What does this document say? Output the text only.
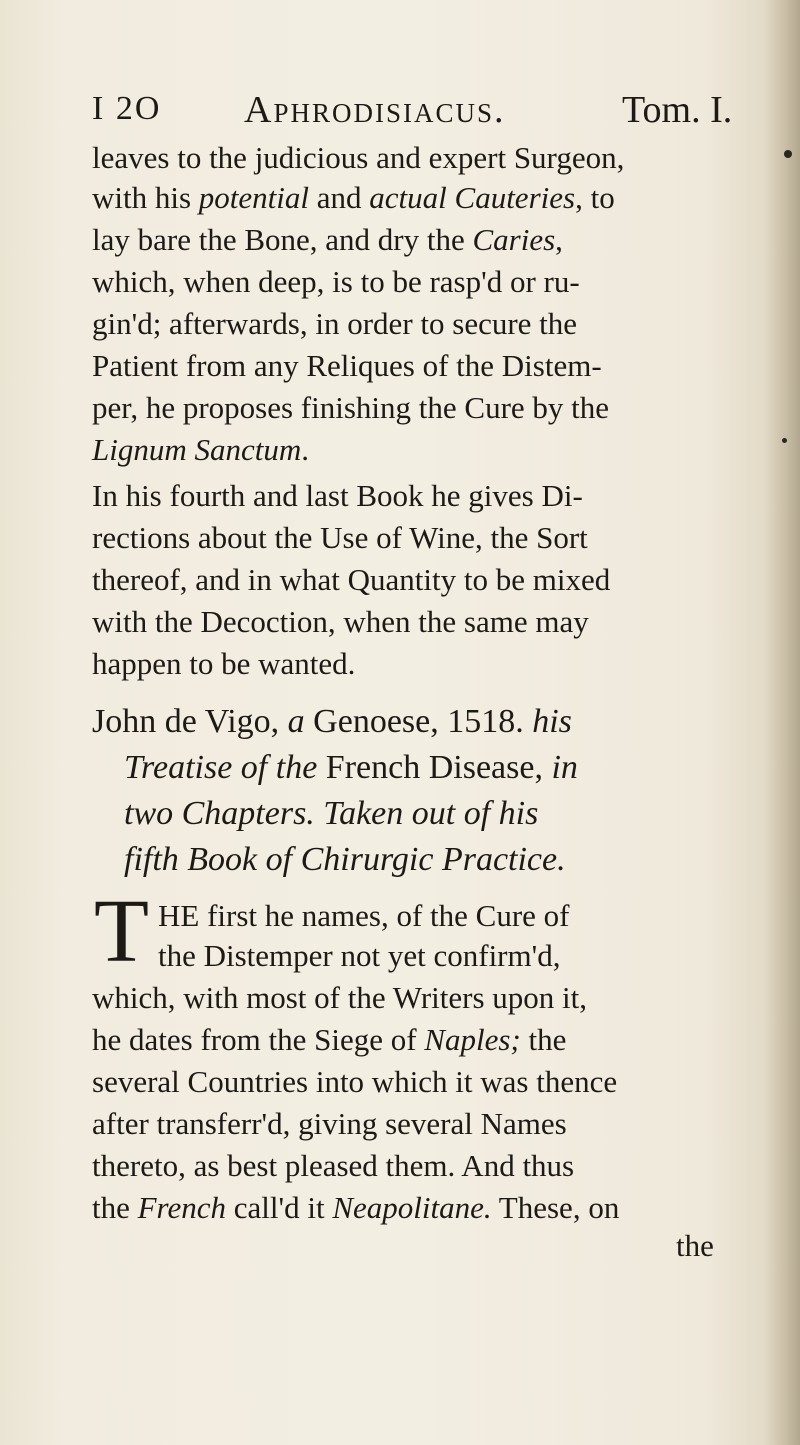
I 2O Aphrodisiacus.	Tom. I.
leaves to the judicious and expert Surgeon,
with his potential and actual Cauteries, to
lay bare the Bone, and dry the Caries,
which, when deep, is to be rasp'd or ru-
gin'd; afterwards, in order to secure the
Patient from any Reliques of the Distem-
per, he proposes finishing the Cure by the
Lignum Sanctum.
In his fourth and last Book he gives Di-
rections about the Use of Wine, the Sort
thereof, and in what Quantity to be mixed
with the Decoction, when the same may
happen to be wanted.
John de Vigo, a Genoese, 1518. his
Treatise of the French Disease, in
two Chapters. Taken out of his
fifth Book of Chirurgic Practice.
T HE first he names, of the Cure of
the Distemper not yet confirm'd,
which, with most of the Writers upon it,
he dates from the Siege of Naples; the
several Countries into which it was thence
after transferr'd, giving several Names
thereto, as best pleased them. And thus
the French call'd it Neapolitane. These, on
the
